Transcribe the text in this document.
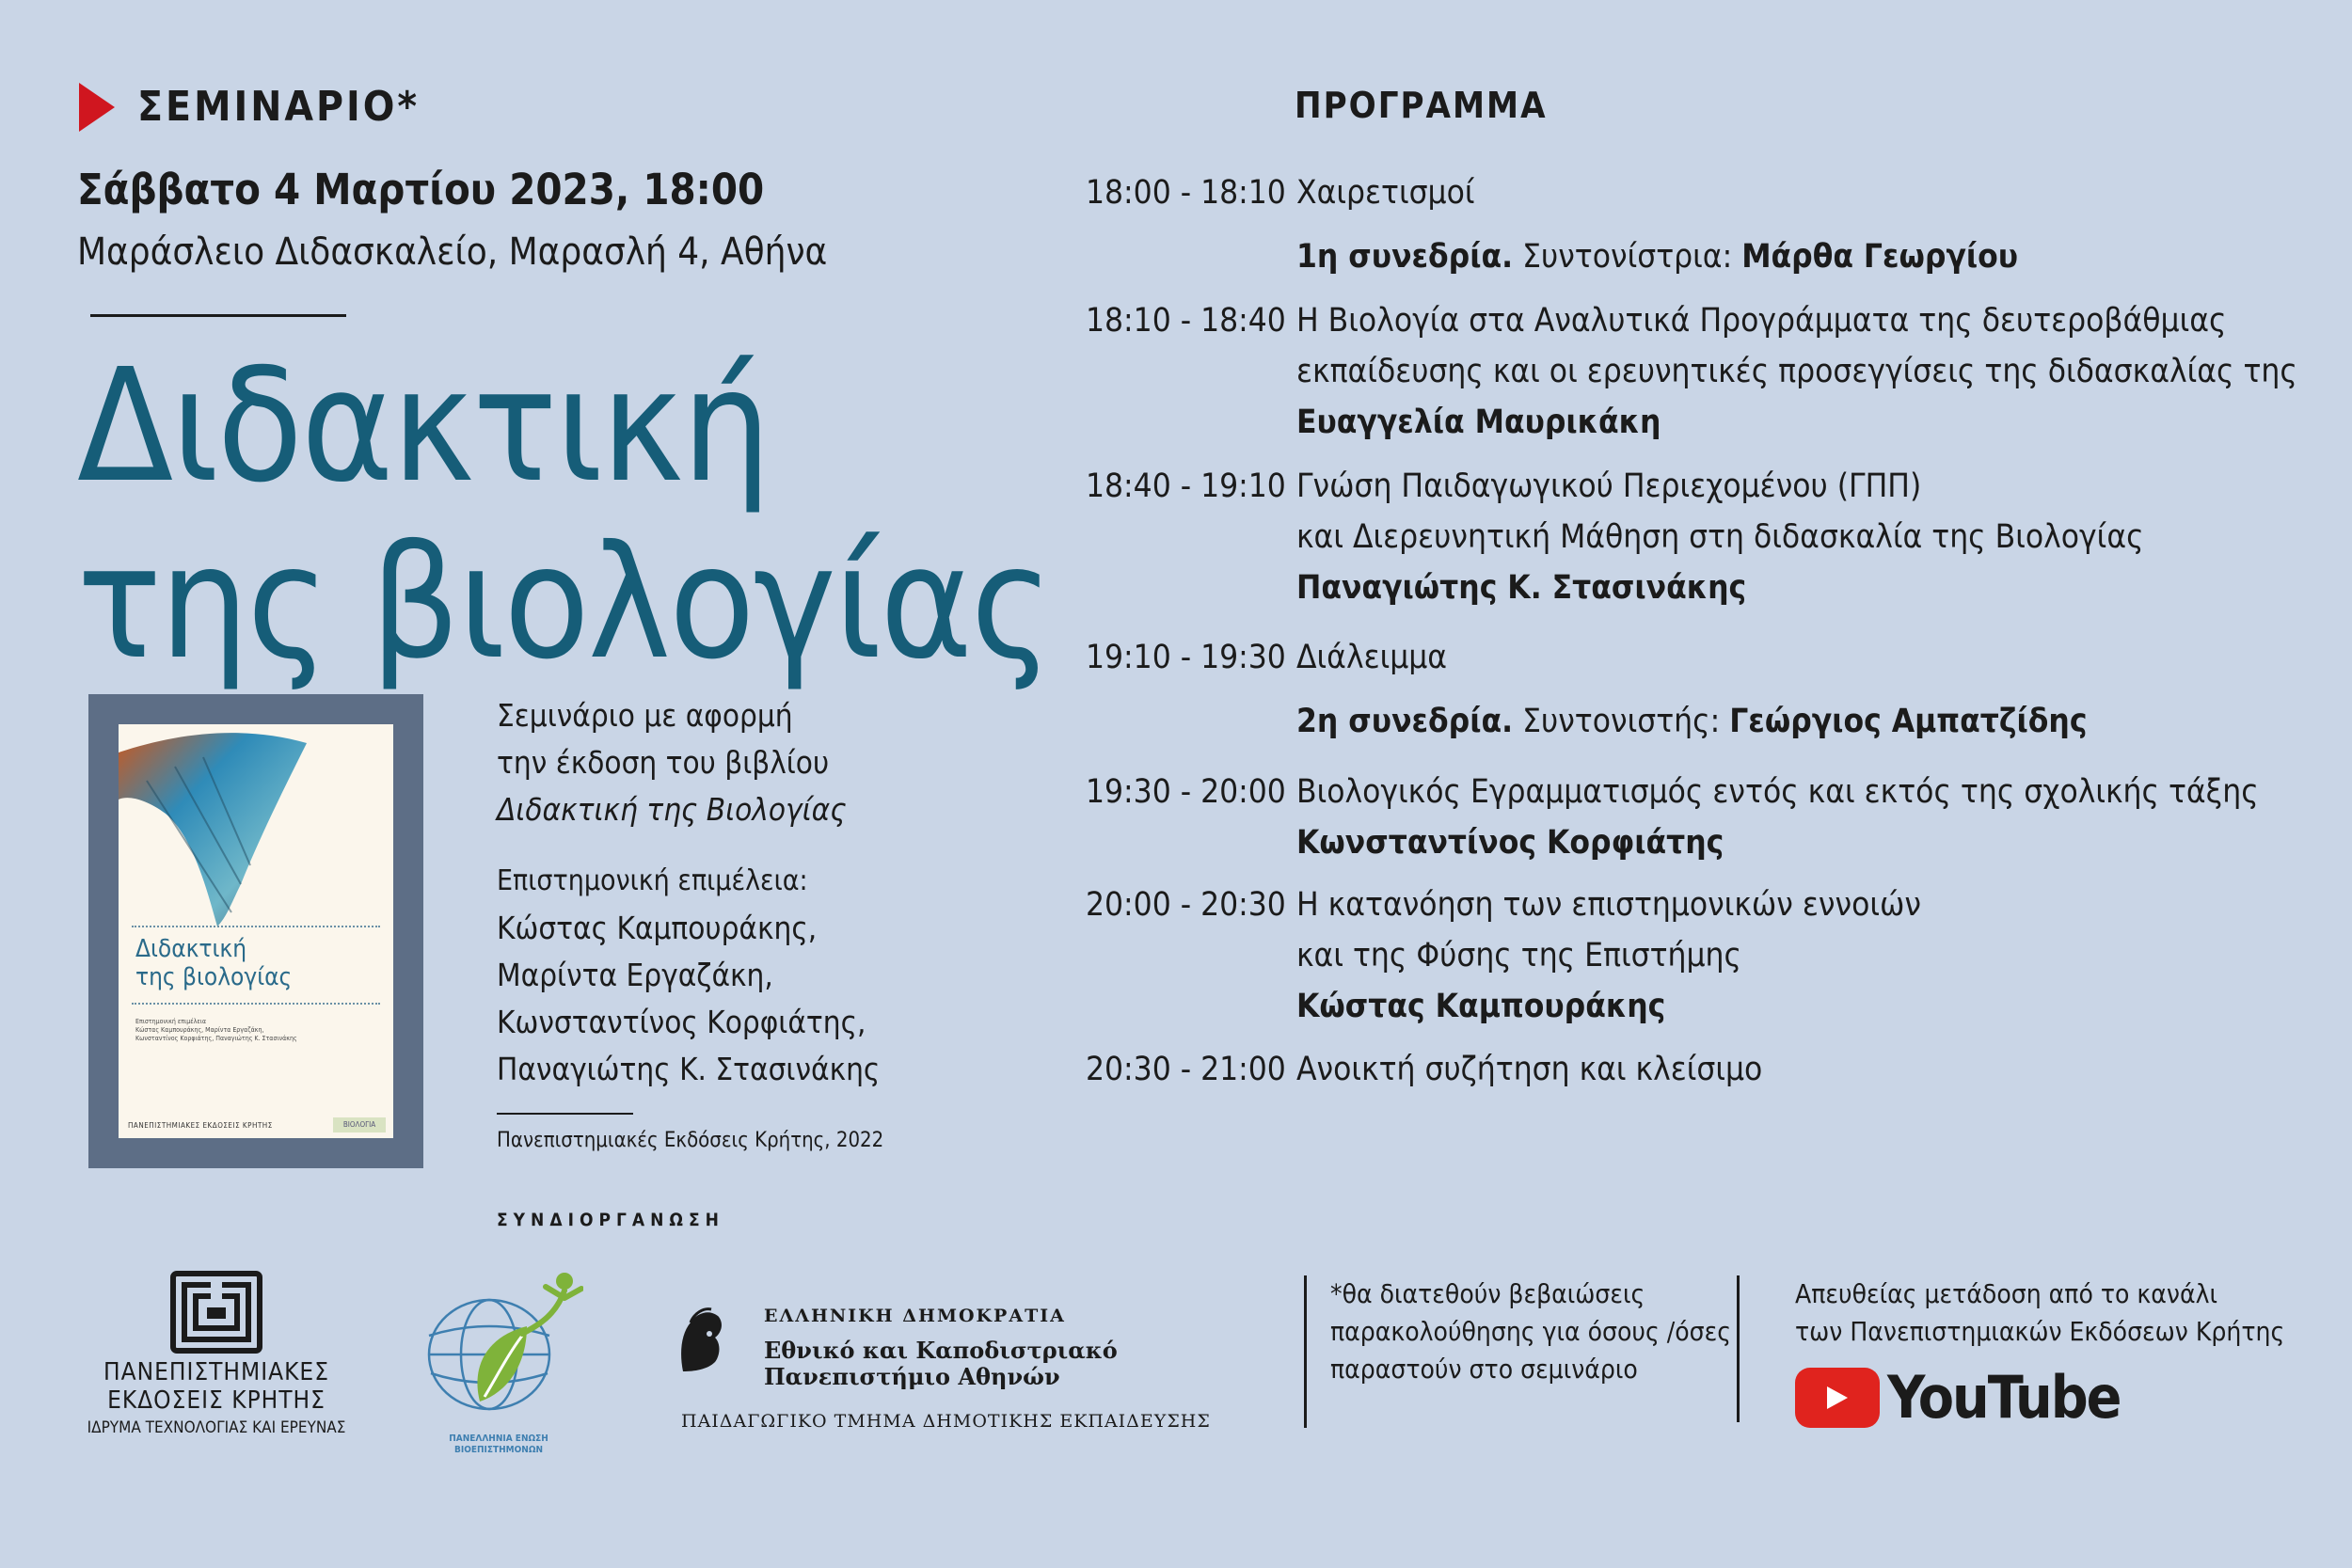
ΣΕΜΙΝΑΡΙΟ*
Σάββατο 4 Μαρτίου 2023, 18:00
Μαράσλειο Διδασκαλείο, Μαρασλή 4, Αθήνα
Διδακτική
της βιολογίας
Διδακτική
της βιολογίας
Επιστημονική επιμέλεια
Κώστας Καμπουράκης, Μαρίντα Εργαζάκη,
Κωνσταντίνος Κορφιάτης, Παναγιώτης Κ. Στασινάκης
ΠΑΝΕΠΙΣΤΗΜΙΑΚΕΣ ΕΚΔΟΣΕΙΣ ΚΡΗΤΗΣ	ΒΙΟΛΟΓΙΑ
Σεμινάριο με αφορμή
την έκδοση του βιβλίου
Διδακτική της Βιολογίας
Επιστημονική επιμέλεια:
Κώστας Καμπουράκης,
Μαρίντα Εργαζάκη,
Κωνσταντίνος Κορφιάτης,
Παναγιώτης Κ. Στασινάκης
Πανεπιστημιακές Εκδόσεις Κρήτης, 2022
ΠΡΟΓΡΑΜΜΑ
18:00 - 18:10 Χαιρετισμοί
1η συνεδρία. Συντονίστρια: Μάρθα Γεωργίου
18:10 - 18:40 Η Βιολογία στα Αναλυτικά Προγράμματα της δευτεροβάθμιας
εκπαίδευσης και οι ερευνητικές προσεγγίσεις της διδασκαλίας της
Ευαγγελία Μαυρικάκη
18:40 - 19:10 Γνώση Παιδαγωγικού Περιεχομένου (ΓΠΠ)
και Διερευνητική Μάθηση στη διδασκαλία της Βιολογίας
Παναγιώτης Κ. Στασινάκης
19:10 - 19:30 Διάλειμμα
2η συνεδρία. Συντονιστής: Γεώργιος Αμπατζίδης
19:30 - 20:00 Βιολογικός Εγραμματισμός εντός και εκτός της σχολικής τάξης
Κωνσταντίνος Κορφιάτης
20:00 - 20:30 Η κατανόηση των επιστημονικών εννοιών
και της Φύσης της Επιστήμης
Κώστας Καμπουράκης
20:30 - 21:00 Ανοικτή συζήτηση και κλείσιμο
ΣΥΝΔΙΟΡΓΑΝΩΣΗ
ΠΑΝΕΠΙΣΤΗΜΙΑΚΕΣ
ΕΚΔΟΣΕΙΣ ΚΡΗΤΗΣ
ΙΔΡΥΜΑ ΤΕΧΝΟΛΟΓΙΑΣ ΚΑΙ ΕΡΕΥΝΑΣ
ΠΑΝΕΛΛΗΝΙΑ ΕΝΩΣΗ
ΒΙΟΕΠΙΣΤΗΜΟΝΩΝ
ΕΛΛΗΝΙΚΗ ΔΗΜΟΚΡΑΤΙΑ
Εθνικό και Καποδιστριακό
Πανεπιστήμιο Αθηνών
ΠΑΙΔΑΓΩΓΙΚΟ ΤΜΗΜΑ ΔΗΜΟΤΙΚΗΣ ΕΚΠΑΙΔΕΥΣΗΣ
*θα διατεθούν βεβαιώσεις
παρακολούθησης για όσους /όσες
παραστούν στο σεμινάριο
Απευθείας μετάδοση από το κανάλι
των Πανεπιστημιακών Εκδόσεων Κρήτης
YouTube
